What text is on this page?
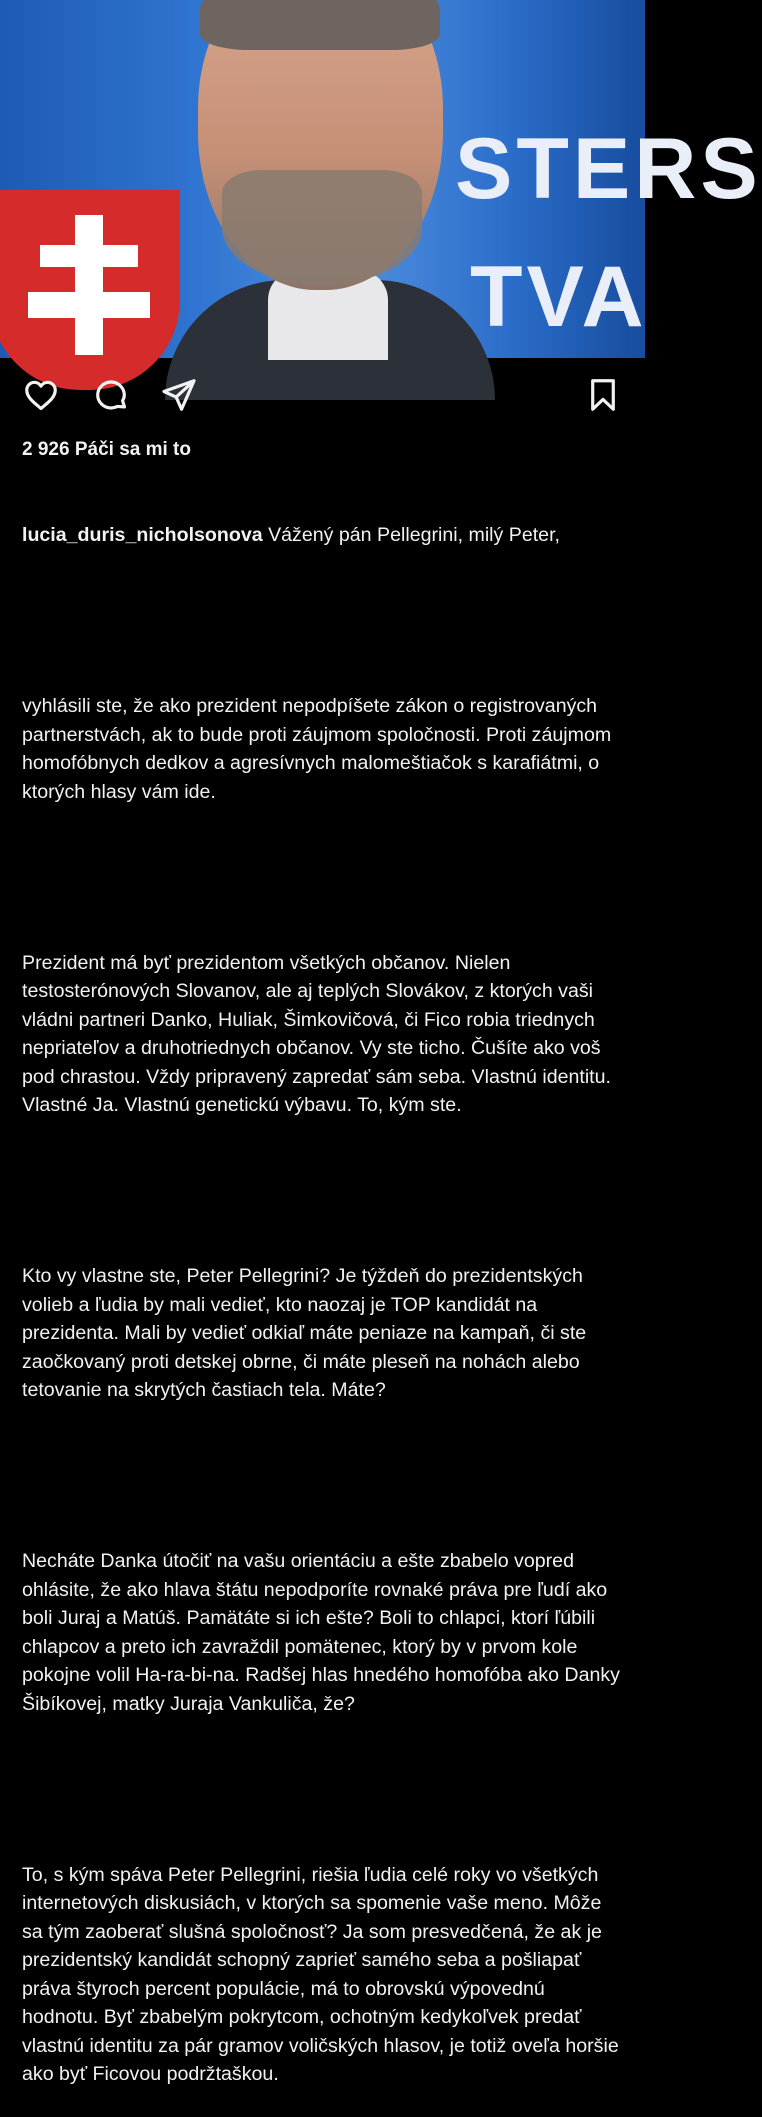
STERS
TVA
2 926 Páči sa mi to

lucia_duris_nicholsonova Vážený pán Pellegrini, milý Peter,

vyhlásili ste, že ako prezident nepodpíšete zákon o registrovaných partnerstvách, ak to bude proti záujmom spoločnosti. Proti záujmom homofóbnych dedkov a agresívnych malomeštiačok s karafiátmi, o ktorých hlasy vám ide.

Prezident má byť prezidentom všetkých občanov. Nielen testosterónových Slovanov, ale aj teplých Slovákov, z ktorých vaši vládni partneri Danko, Huliak, Šimkovičová, či Fico robia triednych nepriateľov a druhotriednych občanov. Vy ste ticho. Čušíte ako voš pod chrastou. Vždy pripravený zapredať sám seba. Vlastnú identitu. Vlastné Ja. Vlastnú genetickú výbavu. To, kým ste.

Kto vy vlastne ste, Peter Pellegrini? Je týždeň do prezidentských volieb a ľudia by mali vedieť, kto naozaj je TOP kandidát na prezidenta. Mali by vedieť odkiaľ máte peniaze na kampaň, či ste zaočkovaný proti detskej obrne, či máte pleseň na nohách alebo tetovanie na skrytých častiach tela. Máte?

Necháte Danka útočiť na vašu orientáciu a ešte zbabelo vopred ohlásite, že ako hlava štátu nepodporíte rovnaké práva pre ľudí ako boli Juraj a Matúš. Pamätáte si ich ešte? Boli to chlapci, ktorí ľúbili chlapcov a preto ich zavraždil pomätenec, ktorý by v prvom kole pokojne volil Ha-ra-bi-na. Radšej hlas hnedého homofóba ako Danky Šibíkovej, matky Juraja Vankuliča, že?

To, s kým spáva Peter Pellegrini, riešia ľudia celé roky vo všetkých internetových diskusiách, v ktorých sa spomenie vaše meno. Môže sa tým zaoberať slušná spoločnosť? Ja som presvedčená, že ak je prezidentský kandidát schopný zaprieť samého seba a pošliapať práva štyroch percent populácie, má to obrovskú výpovednú hodnotu. Byť zbabelým pokrytcom, ochotným kedykoľvek predať vlastnú identitu za pár gramov voličských hlasov, je totiž oveľa horšie ako byť Ficovou podržtaškou.
